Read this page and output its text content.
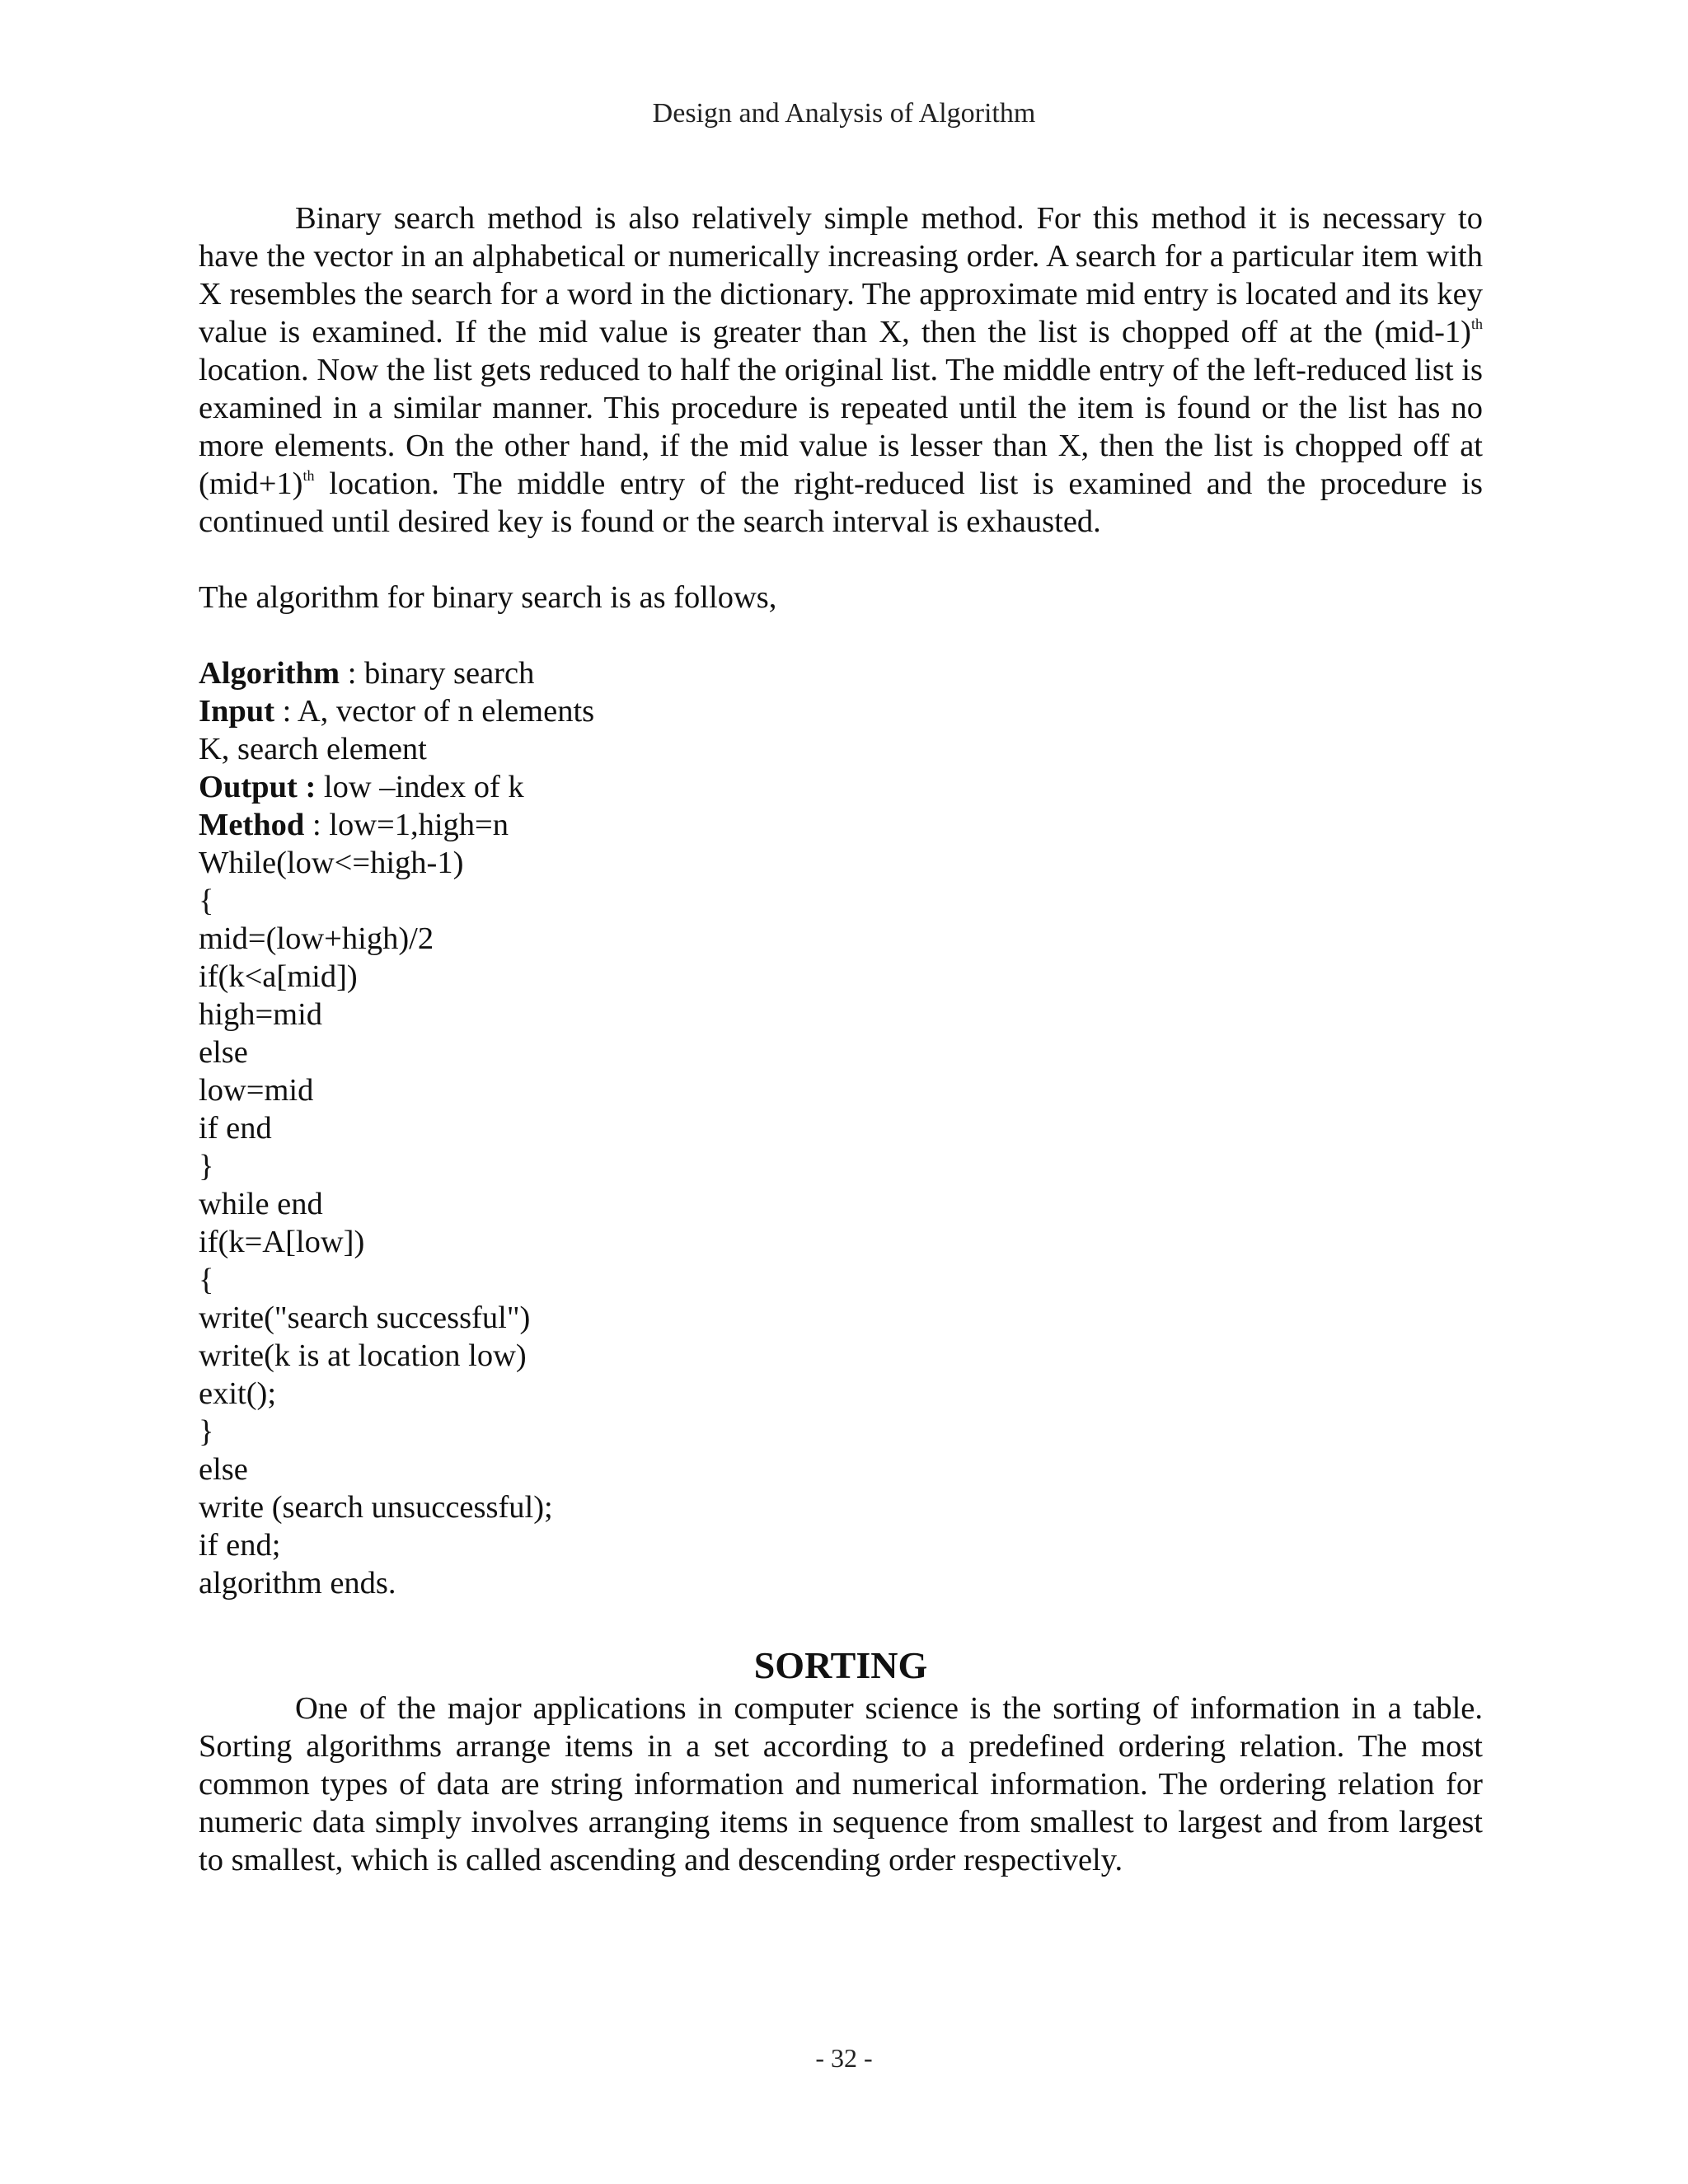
Design and Analysis of Algorithm

Binary search method is also relatively simple method. For this method it is necessary to have the vector in an alphabetical or numerically increasing order. A search for a particular item with X resembles the search for a word in the dictionary. The approximate mid entry is located and its key value is examined. If the mid value is greater than X, then the list is chopped off at the $(mid-1)^{th}$ location. Now the list gets reduced to half the original list. The middle entry of the left-reduced list is examined in a similar manner. This procedure is repeated until the item is found or the list has no more elements. On the other hand, if the mid value is lesser than X, then the list is chopped off at $(mid+1)^{th}$ location. The middle entry of the right-reduced list is examined and the procedure is continued until desired key is found or the search interval is exhausted.

The algorithm for binary search is as follows,

Algorithm : binary search
Input : A, vector of n elements
K, search element
Output : low –index of k
Method : low=1,high=n
While(low<=high-1)
{
mid=(low+high)/2
if(k<a[mid])
high=mid
else
low=mid
if end
}
while end
if(k=A[low])
{
write("search successful")
write(k is at location low)
exit();
}
else
write (search unsuccessful);
if end;
algorithm ends.
SORTING

One of the major applications in computer science is the sorting of information in a table. Sorting algorithms arrange items in a set according to a predefined ordering relation. The most common types of data are string information and numerical information. The ordering relation for numeric data simply involves arranging items in sequence from smallest to largest and from largest to smallest, which is called ascending and descending order respectively.

- 32 -
